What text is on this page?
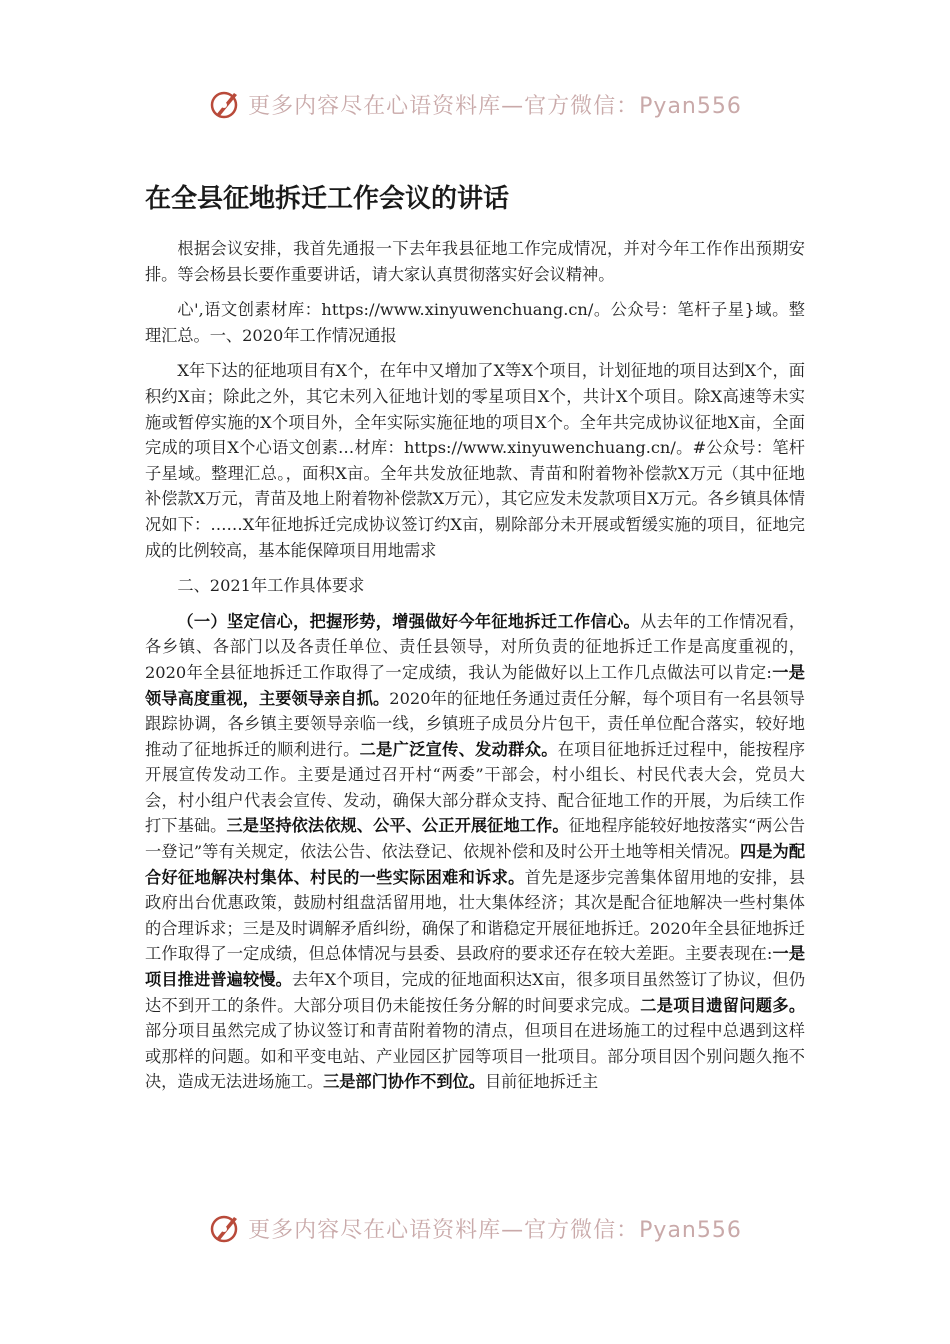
更多内容尽在心语资料库—官方微信：Pyan556
在全县征地拆迁工作会议的讲话

根据会议安排，我首先通报一下去年我县征地工作完成情况，并对今年工作作出预期安排。等会杨县长要作重要讲话，请大家认真贯彻落实好会议精神。

心',语文创素材库：https://www.xinyuwenchuang.cn/。公众号：笔杆子星}域。整理汇总。一、2020年工作情况通报

X年下达的征地项目有X个，在年中又增加了X等X个项目，计划征地的项目达到X个，面积约X亩；除此之外，其它未列入征地计划的零星项目X个，共计X个项目。除X高速等未实施或暂停实施的X个项目外，全年实际实施征地的项目X个。全年共完成协议征地X亩，全面完成的项目X个心语文创素…材库：https://www.xinyuwenchuang.cn/。#公众号：笔杆子星域。整理汇总。，面积X亩。全年共发放征地款、青苗和附着物补偿款X万元（其中征地补偿款X万元，青苗及地上附着物补偿款X万元），其它应发未发款项目X万元。各乡镇具体情况如下：……X年征地拆迁完成协议签订约X亩，剔除部分未开展或暂缓实施的项目，征地完成的比例较高，基本能保障项目用地需求

二、2021年工作具体要求

（一）坚定信心，把握形势，增强做好今年征地拆迁工作信心。从去年的工作情况看，各乡镇、各部门以及各责任单位、责任县领导，对所负责的征地拆迁工作是高度重视的，2020年全县征地拆迁工作取得了一定成绩，我认为能做好以上工作几点做法可以肯定:一是领导高度重视，主要领导亲自抓。2020年的征地任务通过责任分解，每个项目有一名县领导跟踪协调，各乡镇主要领导亲临一线，乡镇班子成员分片包干，责任单位配合落实，较好地推动了征地拆迁的顺利进行。二是广泛宣传、发动群众。在项目征地拆迁过程中，能按程序开展宣传发动工作。主要是通过召开村“两委”干部会，村小组长、村民代表大会，党员大会，村小组户代表会宣传、发动，确保大部分群众支持、配合征地工作的开展，为后续工作打下基础。三是坚持依法依规、公平、公正开展征地工作。征地程序能较好地按落实“两公告一登记”等有关规定，依法公告、依法登记、依规补偿和及时公开土地等相关情况。四是为配合好征地解决村集体、村民的一些实际困难和诉求。首先是逐步完善集体留用地的安排，县政府出台优惠政策，鼓励村组盘活留用地，壮大集体经济；其次是配合征地解决一些村集体的合理诉求；三是及时调解矛盾纠纷，确保了和谐稳定开展征地拆迁。2020年全县征地拆迁工作取得了一定成绩，但总体情况与县委、县政府的要求还存在较大差距。主要表现在:一是项目推进普遍较慢。去年X个项目，完成的征地面积达X亩，很多项目虽然签订了协议，但仍达不到开工的条件。大部分项目仍未能按任务分解的时间要求完成。二是项目遗留问题多。部分项目虽然完成了协议签订和青苗附着物的清点，但项目在进场施工的过程中总遇到这样或那样的问题。如和平变电站、产业园区扩园等项目一批项目。部分项目因个别问题久拖不决，造成无法进场施工。三是部门协作不到位。目前征地拆迁主

更多内容尽在心语资料库—官方微信：Pyan556
